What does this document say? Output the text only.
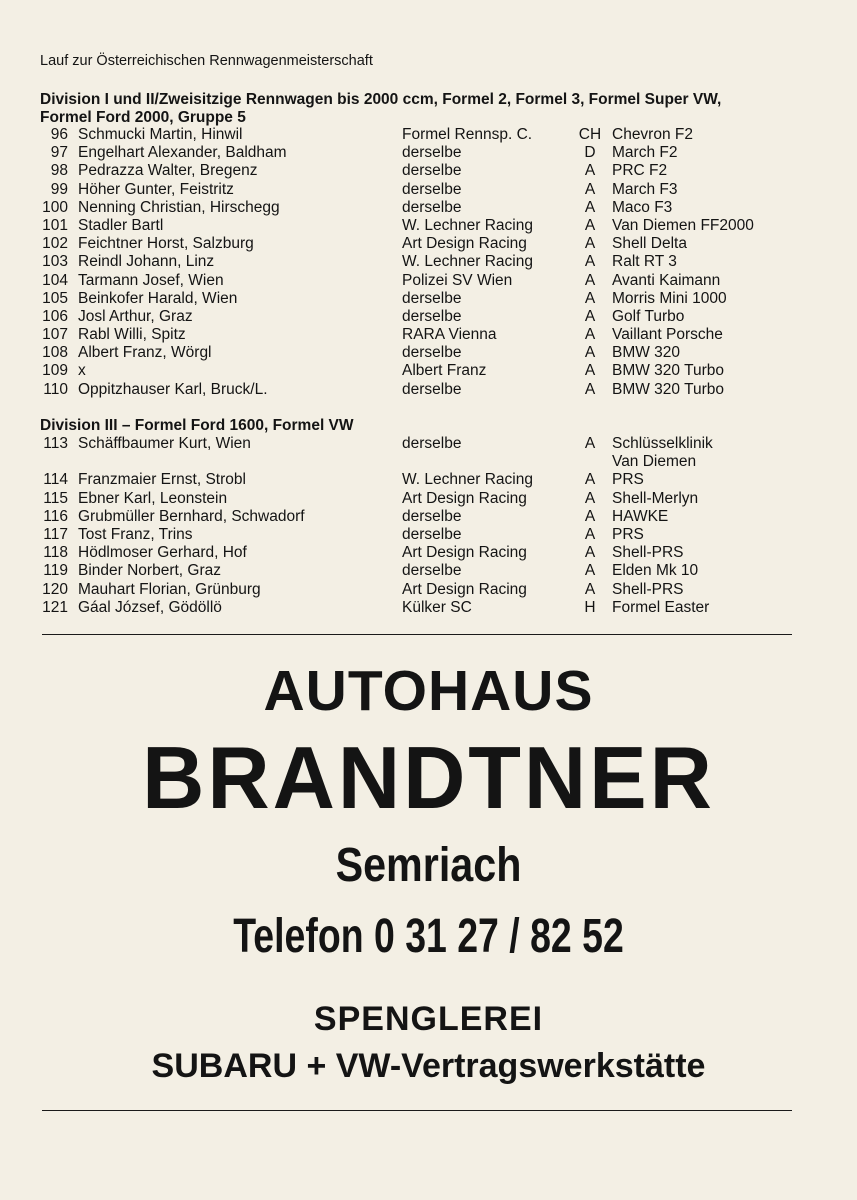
Lauf zur Österreichischen Rennwagenmeisterschaft
Division I und II/Zweisitzige Rennwagen bis 2000 ccm, Formel 2, Formel 3, Formel Super VW,
Formel Ford 2000, Gruppe 5
96 Schmucki Martin, Hinwil	Formel Rennsp. C.	CH Chevron F2
97 Engelhart Alexander, Baldham	derselbe	D	March F2
98 Pedrazza Walter, Bregenz	derselbe	A	PRC F2
99 Höher Gunter, Feistritz	derselbe	A	March F3
100 Nenning Christian, Hirschegg	derselbe	A	Maco F3
101 Stadler Bartl	W. Lechner Racing	A	Van Diemen FF2000
102 Feichtner Horst, Salzburg	Art Design Racing	A	Shell Delta
103 Reindl Johann, Linz	W. Lechner Racing	A	Ralt RT 3
104 Tarmann Josef, Wien	Polizei SV Wien	A	Avanti Kaimann
105 Beinkofer Harald, Wien	derselbe	A	Morris Mini 1000
106 Josl Arthur, Graz	derselbe	A	Golf Turbo
107 Rabl Willi, Spitz	RARA Vienna	A	Vaillant Porsche
108 Albert Franz, Wörgl	derselbe	A	BMW 320
109 x	Albert Franz	A	BMW 320 Turbo
110 Oppitzhauser Karl, Bruck/L.	derselbe	A	BMW 320 Turbo
Division III – Formel Ford 1600, Formel VW
113 Schäffbaumer Kurt, Wien	derselbe	A	Schlüsselklinik
Van Diemen
114 Franzmaier Ernst, Strobl	W. Lechner Racing	A	PRS
115 Ebner Karl, Leonstein	Art Design Racing	A	Shell-Merlyn
116 Grubmüller Bernhard, Schwadorf	derselbe	A	HAWKE
117 Tost Franz, Trins	derselbe	A	PRS
118 Hödlmoser Gerhard, Hof	Art Design Racing	A	Shell-PRS
119 Binder Norbert, Graz	derselbe	A	Elden Mk 10
120 Mauhart Florian, Grünburg	Art Design Racing	A	Shell-PRS
121 Gáal József, Gödöllö	Külker SC	H	Formel Easter
AUTOHAUS
BRANDTNER
Semriach
Telefon 0 31 27 / 82 52
SPENGLEREI
SUBARU + VW-Vertragswerkstätte
